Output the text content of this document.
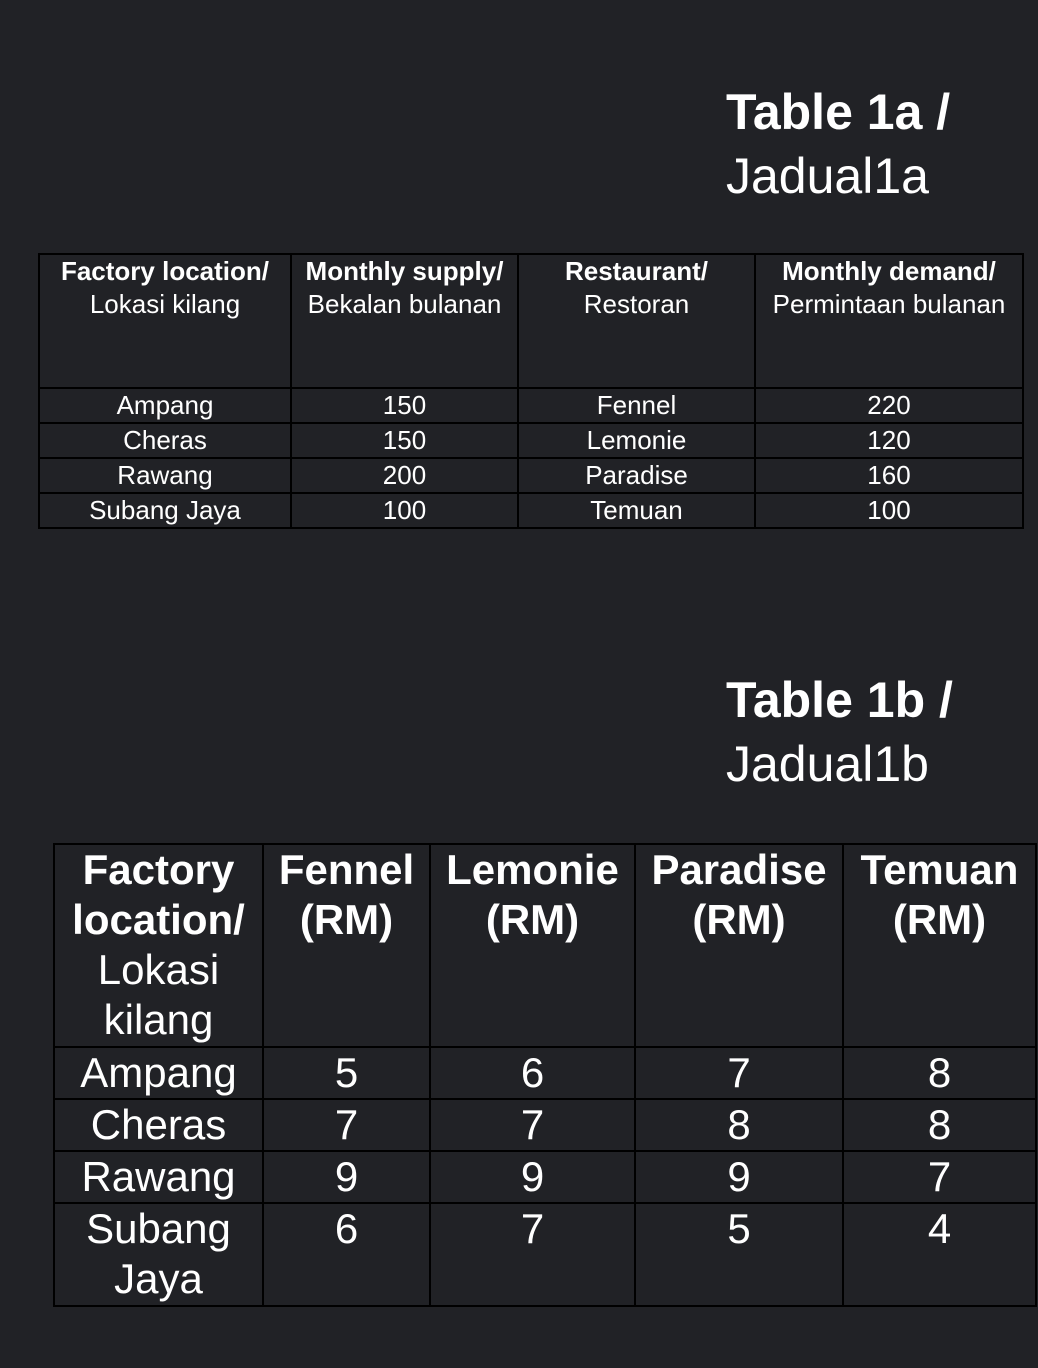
Table 1a /
Jadual1a
Factory location/
Lokasi kilang	Monthly supply/
Bekalan bulanan	Restaurant/
Restoran	Monthly demand/
Permintaan bulanan

Ampang	150	Fennel	220
Cheras	150	Lemonie	120
Rawang	200	Paradise	160
Subang Jaya	100	Temuan	100
Table 1b /
Jadual1b
Factory location/
Lokasi kilang	Fennel (RM)	Lemonie (RM)	Paradise (RM)	Temuan (RM)

Ampang	5	6	7	8
Cheras	7	7	8	8
Rawang	9	9	9	7
Subang Jaya	6	7	5	4
